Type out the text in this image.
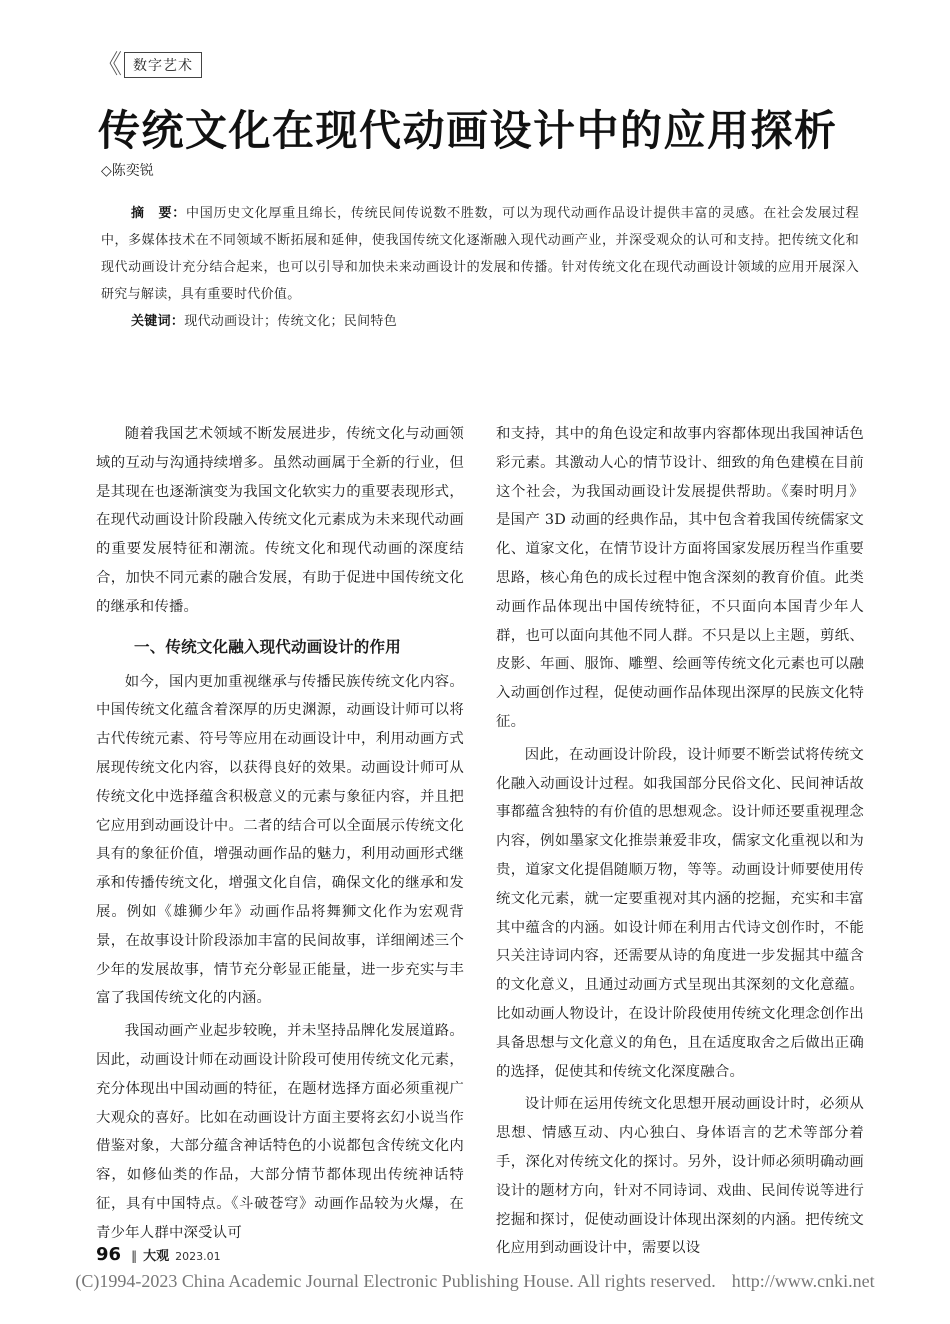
《 数字艺术
传统文化在现代动画设计中的应用探析
◇陈奕锐

摘　要：中国历史文化厚重且绵长，传统民间传说数不胜数，可以为现代动画作品设计提供丰富的灵感。在社会发展过程中，多媒体技术在不同领域不断拓展和延伸，使我国传统文化逐渐融入现代动画产业，并深受观众的认可和支持。把传统文化和现代动画设计充分结合起来，也可以引导和加快未来动画设计的发展和传播。针对传统文化在现代动画设计领域的应用开展深入研究与解读，具有重要时代价值。

关键词：现代动画设计；传统文化；民间特色

随着我国艺术领域不断发展进步，传统文化与动画领域的互动与沟通持续增多。虽然动画属于全新的行业，但是其现在也逐渐演变为我国文化软实力的重要表现形式，在现代动画设计阶段融入传统文化元素成为未来现代动画的重要发展特征和潮流。传统文化和现代动画的深度结合，加快不同元素的融合发展，有助于促进中国传统文化的继承和传播。

一、传统文化融入现代动画设计的作用

如今，国内更加重视继承与传播民族传统文化内容。中国传统文化蕴含着深厚的历史渊源，动画设计师可以将古代传统元素、符号等应用在动画设计中，利用动画方式展现传统文化内容，以获得良好的效果。动画设计师可从传统文化中选择蕴含积极意义的元素与象征内容，并且把它应用到动画设计中。二者的结合可以全面展示传统文化具有的象征价值，增强动画作品的魅力，利用动画形式继承和传播传统文化，增强文化自信，确保文化的继承和发展。例如《雄狮少年》动画作品将舞狮文化作为宏观背景，在故事设计阶段添加丰富的民间故事，详细阐述三个少年的发展故事，情节充分彰显正能量，进一步充实与丰富了我国传统文化的内涵。

我国动画产业起步较晚，并未坚持品牌化发展道路。因此，动画设计师在动画设计阶段可使用传统文化元素，充分体现出中国动画的特征，在题材选择方面必须重视广大观众的喜好。比如在动画设计方面主要将玄幻小说当作借鉴对象，大部分蕴含神话特色的小说都包含传统文化内容，如修仙类的作品，大部分情节都体现出传统神话特征，具有中国特点。《斗破苍穹》动画作品较为火爆，在青少年人群中深受认可

和支持，其中的角色设定和故事内容都体现出我国神话色彩元素。其激动人心的情节设计、细致的角色建模在目前这个社会，为我国动画设计发展提供帮助。《秦时明月》是国产 3D 动画的经典作品，其中包含着我国传统儒家文化、道家文化，在情节设计方面将国家发展历程当作重要思路，核心角色的成长过程中饱含深刻的教育价值。此类动画作品体现出中国传统特征，不只面向本国青少年人群，也可以面向其他不同人群。不只是以上主题，剪纸、皮影、年画、服饰、雕塑、绘画等传统文化元素也可以融入动画创作过程，促使动画作品体现出深厚的民族文化特征。

因此，在动画设计阶段，设计师要不断尝试将传统文化融入动画设计过程。如我国部分民俗文化、民间神话故事都蕴含独特的有价值的思想观念。设计师还要重视理念内容，例如墨家文化推崇兼爱非攻，儒家文化重视以和为贵，道家文化提倡随顺万物，等等。动画设计师要使用传统文化元素，就一定要重视对其内涵的挖掘，充实和丰富其中蕴含的内涵。如设计师在利用古代诗文创作时，不能只关注诗词内容，还需要从诗的角度进一步发掘其中蕴含的文化意义，且通过动画方式呈现出其深刻的文化意蕴。比如动画人物设计，在设计阶段使用传统文化理念创作出具备思想与文化意义的角色，且在适度取舍之后做出正确的选择，促使其和传统文化深度融合。

设计师在运用传统文化思想开展动画设计时，必须从思想、情感互动、内心独白、身体语言的艺术等部分着手，深化对传统文化的探讨。另外，设计师必须明确动画设计的题材方向，针对不同诗词、戏曲、民间传说等进行挖掘和探讨，促使动画设计体现出深刻的内涵。把传统文化应用到动画设计中，需要以设

96 ‖ 大观 2023.01
(C)1994-2023 China Academic Journal Electronic Publishing House. All rights reserved. http://www.cnki.net
